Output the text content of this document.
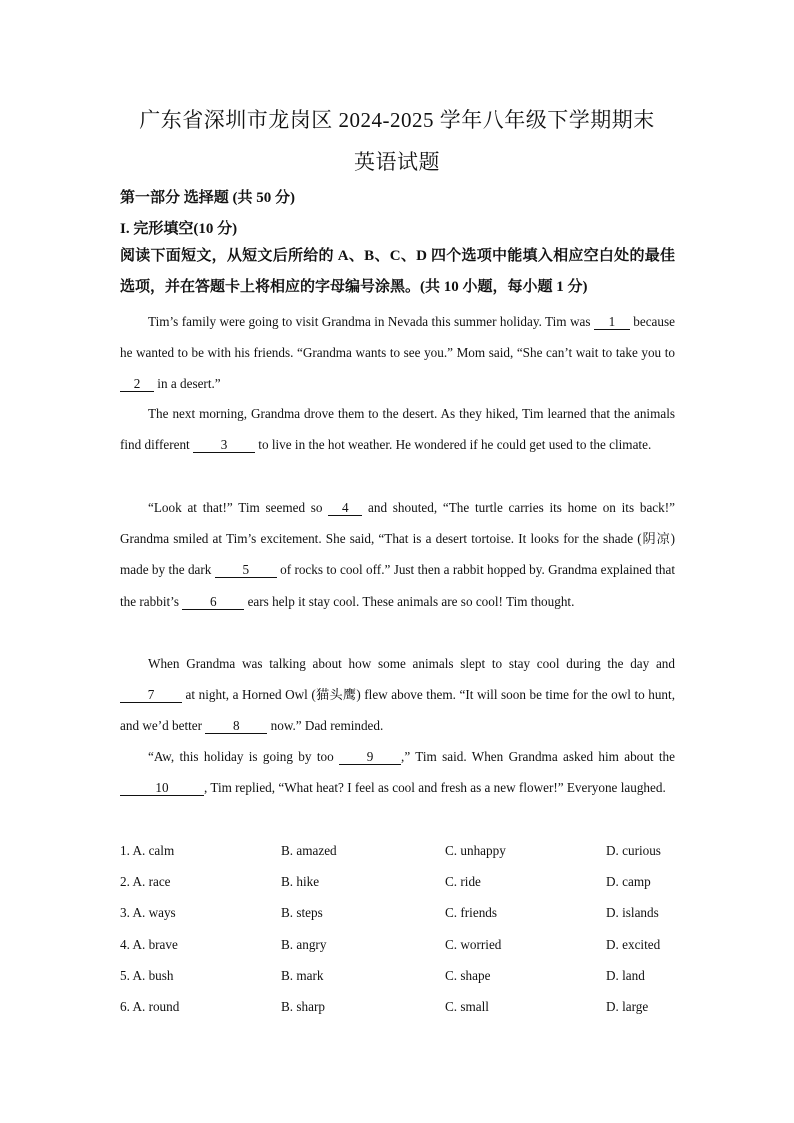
广东省深圳市龙岗区 2024-2025 学年八年级下学期期末
英语试题
第一部分 选择题 (共 50 分)
I. 完形填空(10 分)
阅读下面短文，从短文后所给的 A、B、C、D 四个选项中能填入相应空白处的最佳选项，并在答题卡上将相应的字母编号涂黑。(共 10 小题，每小题 1 分)
Tim’s family were going to visit Grandma in Nevada this summer holiday. Tim was 1 because he wanted to be with his friends. “Grandma wants to see you.” Mom said, “She can’t wait to take you to 2 in a desert.”
The next morning, Grandma drove them to the desert. As they hiked, Tim learned that the animals find different 3 to live in the hot weather. He wondered if he could get used to the climate.
“Look at that!” Tim seemed so 4 and shouted, “The turtle carries its home on its back!” Grandma smiled at Tim’s excitement. She said, “That is a desert tortoise. It looks for the shade (阴凉) made by the dark 5 of rocks to cool off.” Just then a rabbit hopped by. Grandma explained that the rabbit’s 6 ears help it stay cool. These animals are so cool! Tim thought.
When Grandma was talking about how some animals slept to stay cool during the day and 7 at night, a Horned Owl (猫头鹰) flew above them. “It will soon be time for the owl to hunt, and we’d better 8 now.” Dad reminded.
“Aw, this holiday is going by too 9 ,” Tim said. When Grandma asked him about the 10	, Tim replied, “What heat? I feel as cool and fresh as a new flower!” Everyone laughed.
1. A. calm	B. amazed	C. unhappy	D. curious
2. A. race	B. hike	C. ride	D. camp
3. A. ways	B. steps	C. friends	D. islands
4. A. brave	B. angry	C. worried	D. excited
5. A. bush	B. mark	C. shape	D. land
6. A. round	B. sharp	C. small	D. large
